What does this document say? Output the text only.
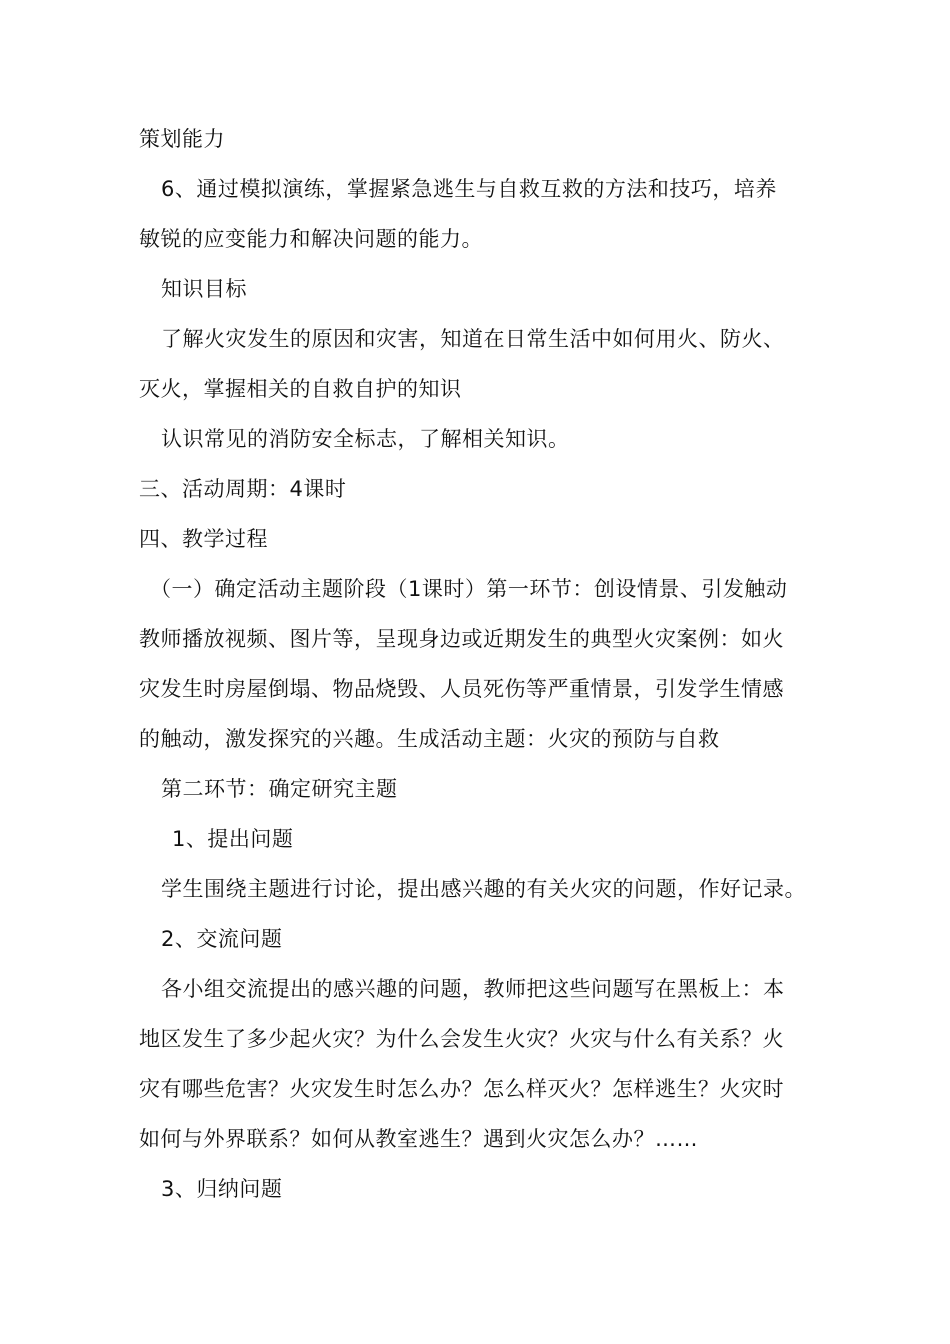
策划能力
6、通过模拟演练，掌握紧急逃生与自救互救的方法和技巧，培养
敏锐的应变能力和解决问题的能力。
知识目标
了解火灾发生的原因和灾害，知道在日常生活中如何用火、防火、
灭火，掌握相关的自救自护的知识
认识常见的消防安全标志，了解相关知识。
三、活动周期：4课时
四、教学过程
（一）确定活动主题阶段（1课时）第一环节：创设情景、引发触动
教师播放视频、图片等，呈现身边或近期发生的典型火灾案例：如火
灾发生时房屋倒塌、物品烧毁、人员死伤等严重情景，引发学生情感
的触动，激发探究的兴趣。生成活动主题：火灾的预防与自救
第二环节：确定研究主题
1、提出问题
学生围绕主题进行讨论，提出感兴趣的有关火灾的问题，作好记录。
2、交流问题
各小组交流提出的感兴趣的问题，教师把这些问题写在黑板上：本
地区发生了多少起火灾？为什么会发生火灾？火灾与什么有关系？火
灾有哪些危害？火灾发生时怎么办？怎么样灭火？怎样逃生？火灾时
如何与外界联系？如何从教室逃生？遇到火灾怎么办？……
3、归纳问题
